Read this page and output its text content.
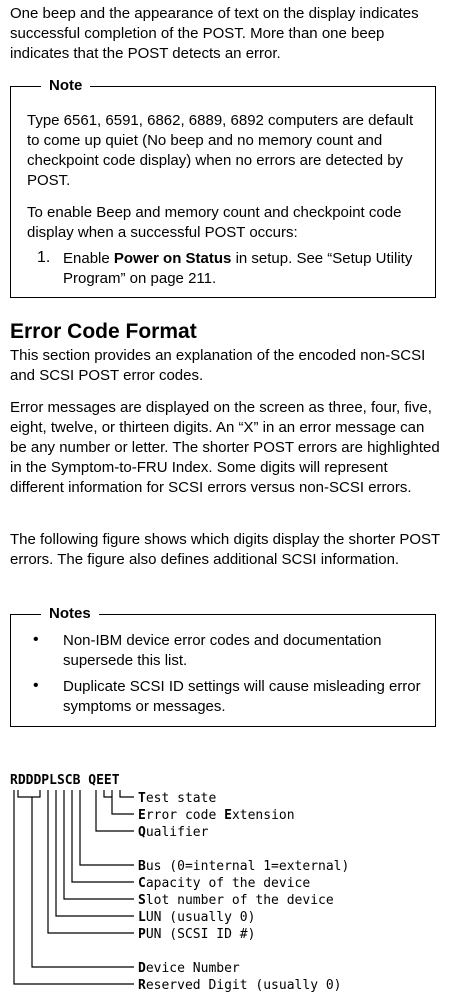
One beep and the appearance of text on the display indicates successful completion of the POST. More than one beep indicates that the POST detects an error.

Note

Type 6561, 6591, 6862, 6889, 6892 computers are default to come up quiet (No beep and no memory count and checkpoint code display) when no errors are detected by POST.

To enable Beep and memory count and checkpoint code display when a successful POST occurs:

1. Enable Power on Status in setup. See “Setup Utility Program” on page 211.

Error Code Format

This section provides an explanation of the encoded non-SCSI and SCSI POST error codes.

Error messages are displayed on the screen as three, four, five, eight, twelve, or thirteen digits. An “X” in an error message can be any number or letter. The shorter POST errors are highlighted in the Symptom-to-FRU Index. Some digits will represent different information for SCSI errors versus non-SCSI errors.

The following figure shows which digits display the shorter POST errors. The figure also defines additional SCSI information.

Notes
• Non-IBM device error codes and documentation supersede this list.

• Duplicate SCSI ID settings will cause misleading error symptoms or messages.

RDDDPLSCB QEET
Test state
Error code Extension
Qualifier
Bus (0=internal 1=external)
Capacity of the device
Slot number of the device
LUN (usually 0)
PUN (SCSI ID #)
Device Number
Reserved Digit (usually 0)
